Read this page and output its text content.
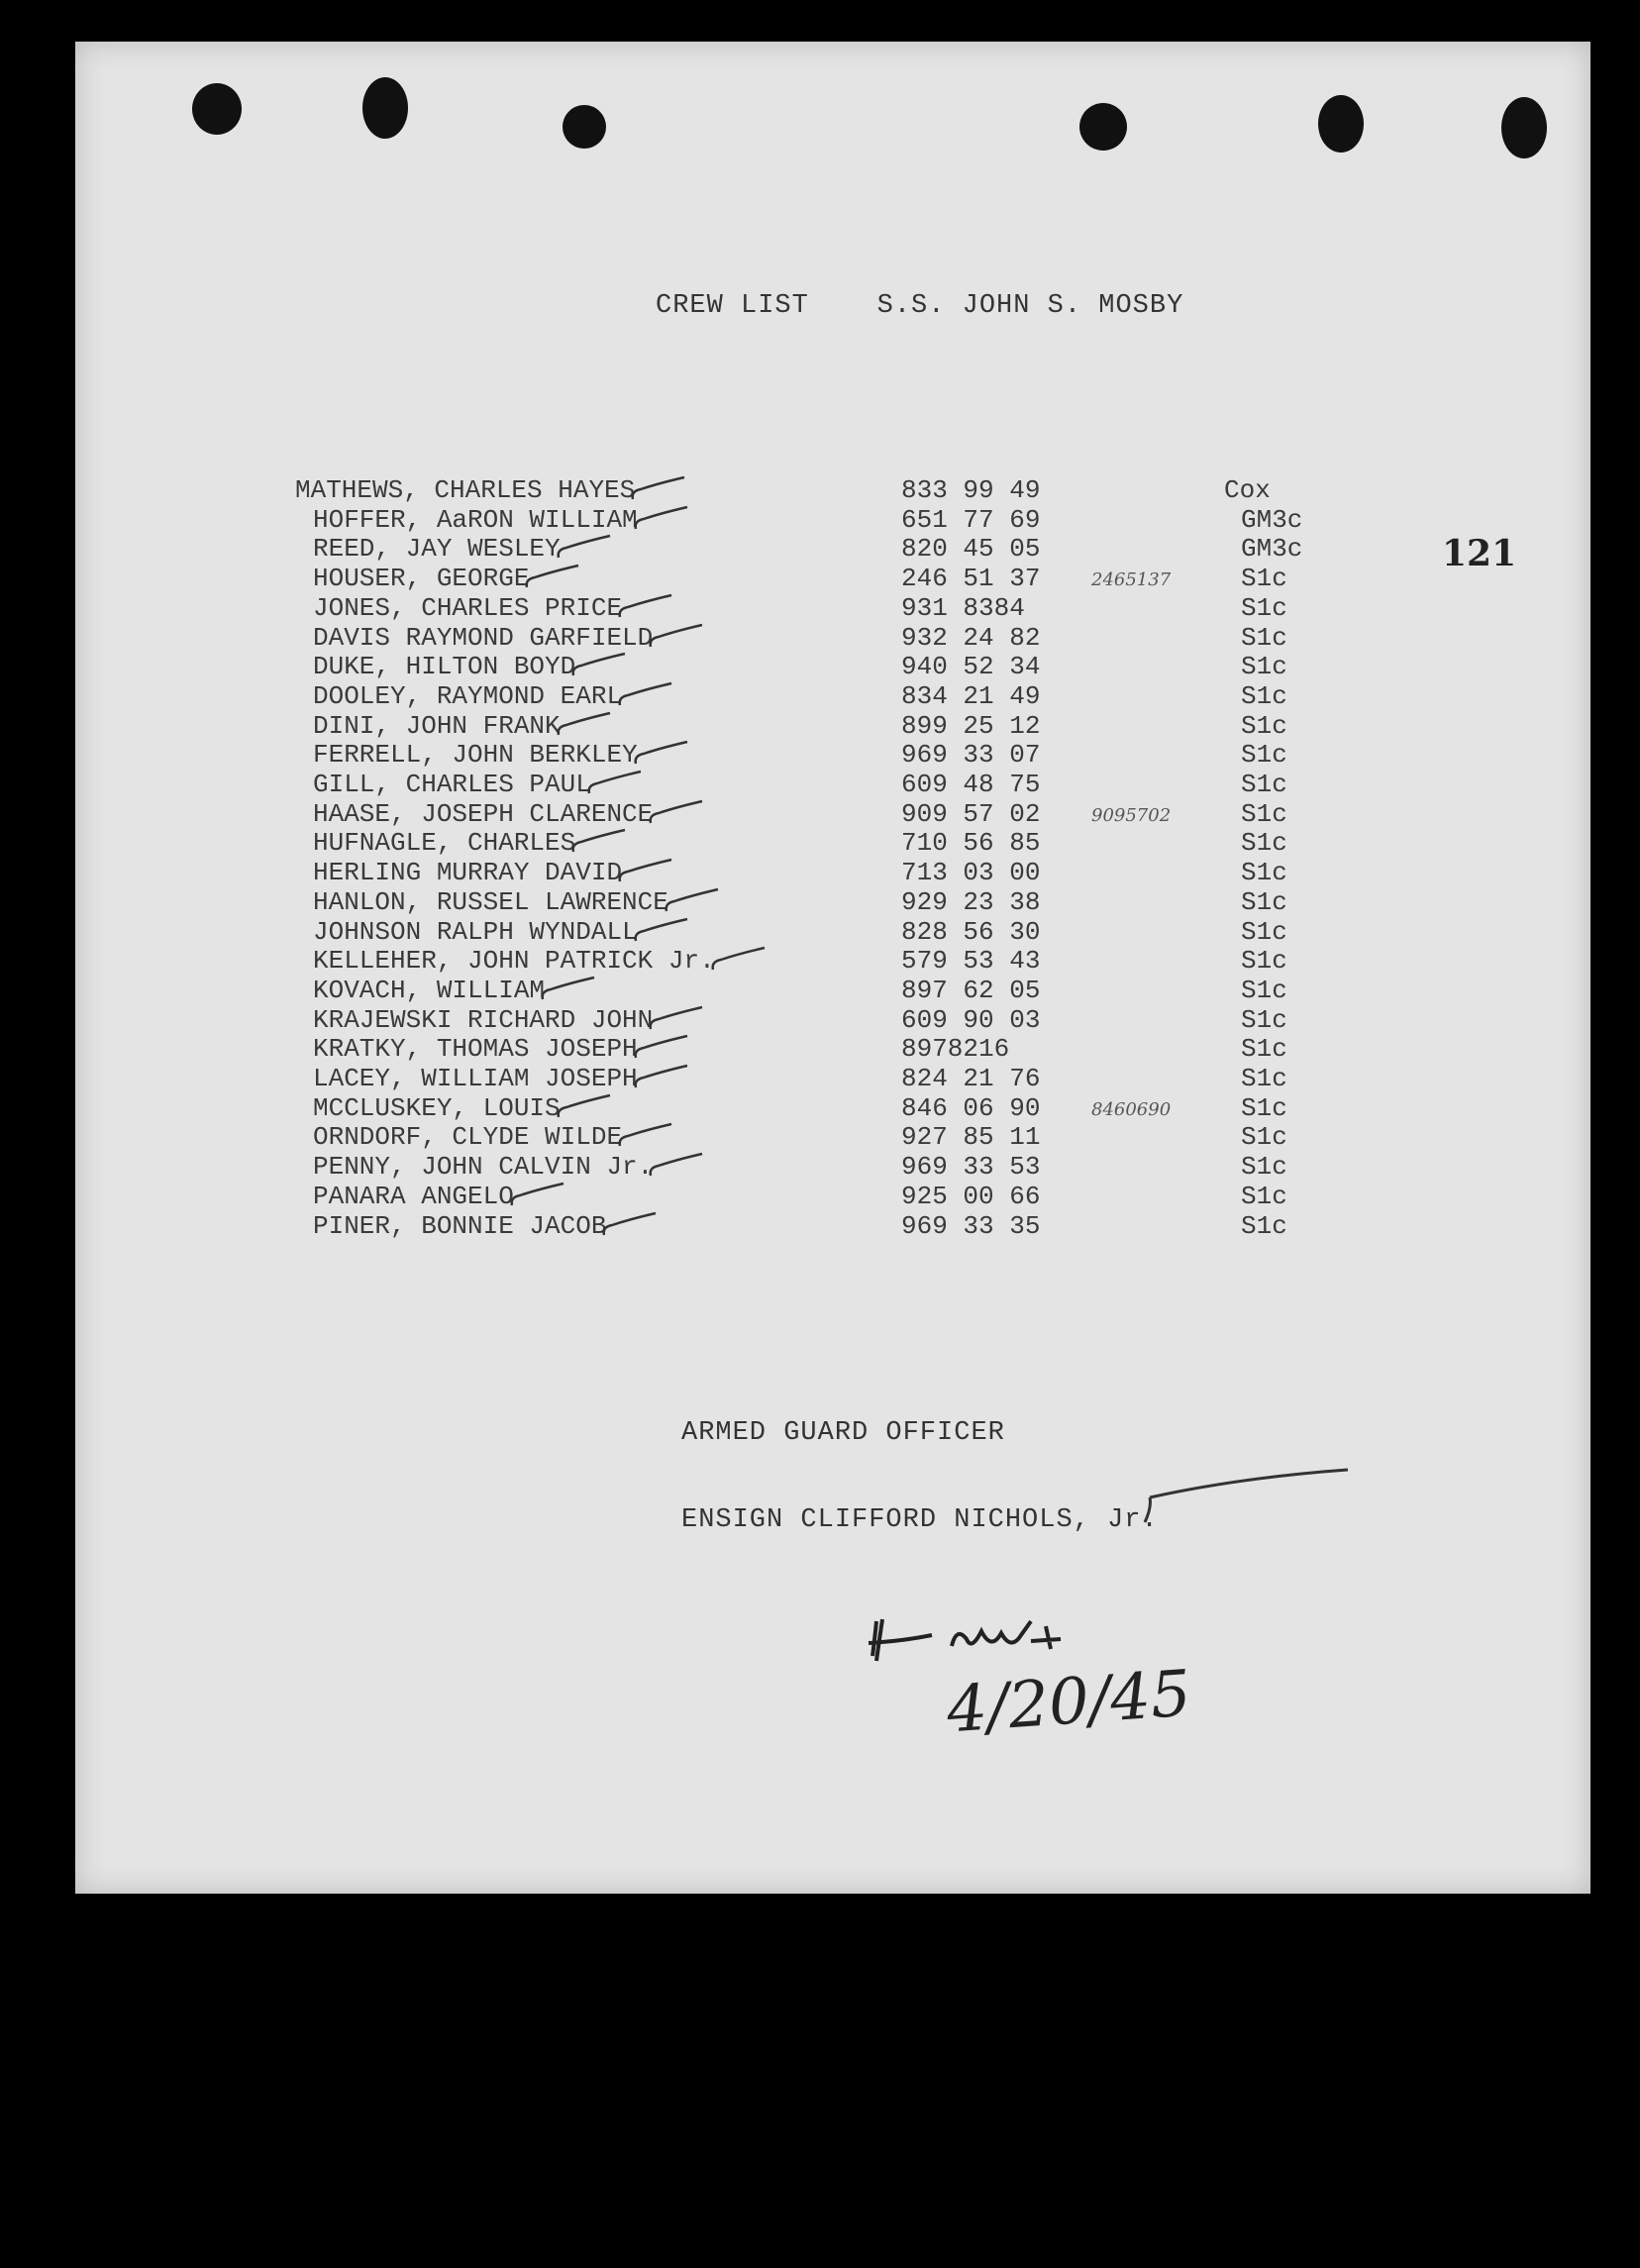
CREW LIST    S.S. JOHN S. MOSBY
121
MATHEWS, CHARLES HAYES	833 99 49	Cox
HOFFER, AaRON WILLIAM	651 77 69	GM3c
REED, JAY WESLEY	820 45 05	GM3c
HOUSER, GEORGE	246 51 37	2465137	S1c
JONES, CHARLES PRICE	931 8384	S1c
DAVIS RAYMOND GARFIELD	932 24 82	S1c
DUKE, HILTON BOYD	940 52 34	S1c
DOOLEY, RAYMOND EARL	834 21 49	S1c
DINI, JOHN FRANK	899 25 12	S1c
FERRELL, JOHN BERKLEY	969 33 07	S1c
GILL, CHARLES PAUL	609 48 75	S1c
HAASE, JOSEPH CLARENCE	909 57 02	9095702	S1c
HUFNAGLE, CHARLES	710 56 85	S1c
HERLING MURRAY DAVID	713 03 00	S1c
HANLON, RUSSEL LAWRENCE	929 23 38	S1c
JOHNSON RALPH WYNDALL	828 56 30	S1c
KELLEHER, JOHN PATRICK Jr.	579 53 43	S1c
KOVACH, WILLIAM	897 62 05	S1c
KRAJEWSKI RICHARD JOHN	609 90 03	S1c
KRATKY, THOMAS JOSEPH	8978216	S1c
LACEY, WILLIAM JOSEPH	824 21 76	S1c
MCCLUSKEY, LOUIS	846 06 90	8460690	S1c
ORNDORF, CLYDE WILDE	927 85 11	S1c
PENNY, JOHN CALVIN Jr.	969 33 53	S1c
PANARA ANGELO	925 00 66	S1c
PINER, BONNIE JACOB	969 33 35	S1c
ARMED GUARD OFFICER
ENSIGN CLIFFORD NICHOLS, Jr.
4/20/45
